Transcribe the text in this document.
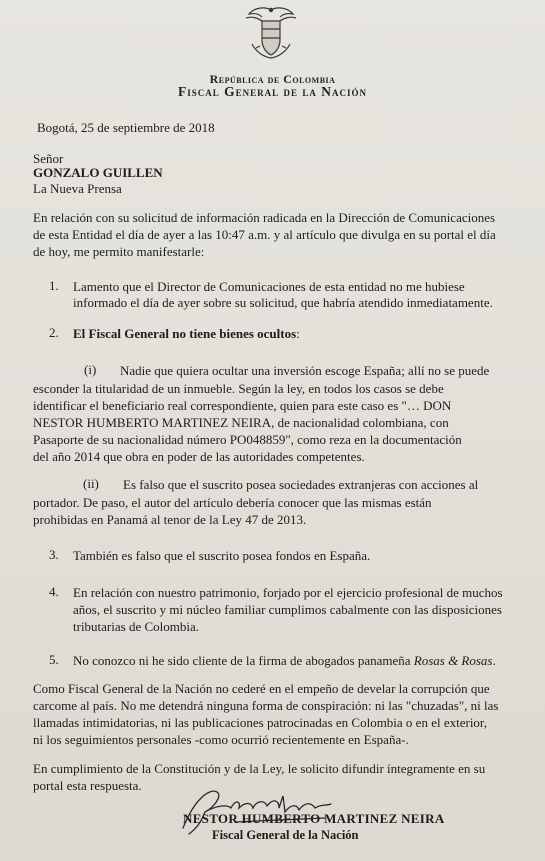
República de Colombia
Fiscal General de la Nación
Bogotá, 25 de septiembre de 2018
Señor
GONZALO GUILLEN
La Nueva Prensa
En relación con su solicitud de información radicada en la Dirección de Comunicaciones
de esta Entidad el día de ayer a las 10:47 a.m. y al artículo que divulga en su portal el día
de hoy, me permito manifestarle:
1. Lamento que el Director de Comunicaciones de esta entidad no me hubiese
informado el día de ayer sobre su solicitud, que habría atendido inmediatamente.
2. El Fiscal General no tiene bienes ocultos:
(i) Nadie que quiera ocultar una inversión escoge España; allí no se puede
esconder la titularidad de un inmueble. Según la ley, en todos los casos se debe
identificar el beneficiario real correspondiente, quien para este caso es "… DON
NESTOR HUMBERTO MARTINEZ NEIRA, de nacionalidad colombiana, con
Pasaporte de su nacionalidad número PO048859", como reza en la documentación
del año 2014 que obra en poder de las autoridades competentes.
(ii) Es falso que el suscrito posea sociedades extranjeras con acciones al
portador. De paso, el autor del artículo debería conocer que las mismas están
prohibidas en Panamá al tenor de la Ley 47 de 2013.
3. También es falso que el suscrito posea fondos en España.
4. En relación con nuestro patrimonio, forjado por el ejercicio profesional de muchos
años, el suscrito y mi núcleo familiar cumplimos cabalmente con las disposiciones
tributarias de Colombia.
5. No conozco ni he sido cliente de la firma de abogados panameña Rosas & Rosas.
Como Fiscal General de la Nación no cederé en el empeño de develar la corrupción que
carcome al país. No me detendrá ninguna forma de conspiración: ni las "chuzadas", ni las
llamadas intimidatorias, ni las publicaciones patrocinadas en Colombia o en el exterior,
ni los seguimientos personales -como ocurrió recientemente en España-.
En cumplimiento de la Constitución y de la Ley, le solicito difundir íntegramente en su
portal esta respuesta.
NESTOR HUMBERTO MARTINEZ NEIRA
Fiscal General de la Nación
